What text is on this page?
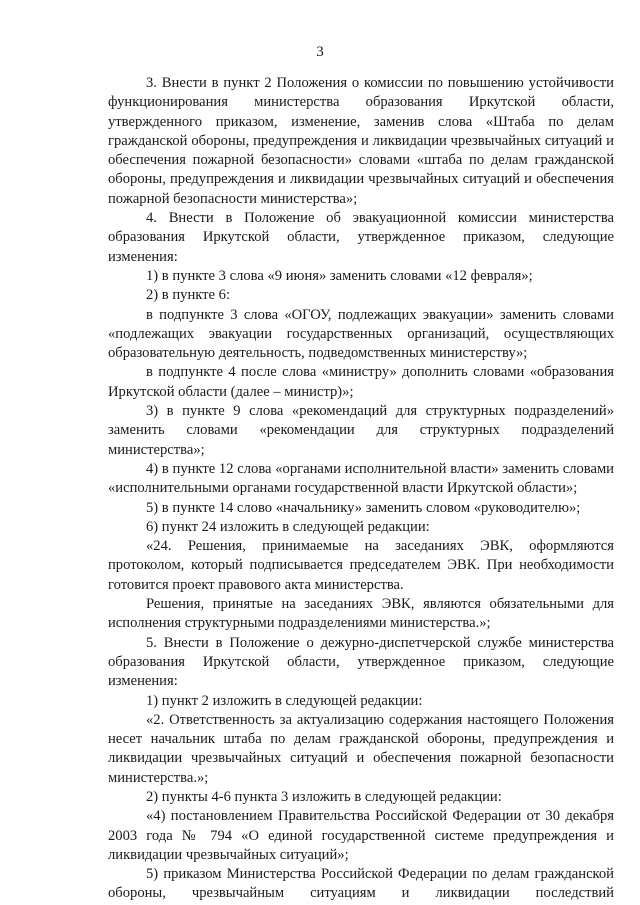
3

3. Внести в пункт 2 Положения о комиссии по повышению устойчивости функционирования министерства образования Иркутской области, утвержденного приказом, изменение, заменив слова «Штаба по делам гражданской обороны, предупреждения и ликвидации чрезвычайных ситуаций и обеспечения пожарной безопасности» словами «штаба по делам гражданской обороны, предупреждения и ликвидации чрезвычайных ситуаций и обеспечения пожарной безопасности министерства»;

4. Внести в Положение об эвакуационной комиссии министерства образования Иркутской области, утвержденное приказом, следующие изменения:

1) в пункте 3 слова «9 июня» заменить словами «12 февраля»;

2) в пункте 6:

в подпункте 3 слова «ОГОУ, подлежащих эвакуации» заменить словами «подлежащих эвакуации государственных организаций, осуществляющих образовательную деятельность, подведомственных министерству»;

в подпункте 4 после слова «министру» дополнить словами «образования Иркутской области (далее – министр)»;

3) в пункте 9 слова «рекомендаций для структурных подразделений» заменить словами «рекомендации для структурных подразделений министерства»;

4) в пункте 12 слова «органами исполнительной власти» заменить словами «исполнительными органами государственной власти Иркутской области»;

5) в пункте 14 слово «начальнику» заменить словом «руководителю»;

6) пункт 24 изложить в следующей редакции:

«24. Решения, принимаемые на заседаниях ЭВК, оформляются протоколом, который подписывается председателем ЭВК. При необходимости готовится проект правового акта министерства.

Решения, принятые на заседаниях ЭВК, являются обязательными для исполнения структурными подразделениями министерства.»;

5. Внести в Положение о дежурно-диспетчерской службе министерства образования Иркутской области, утвержденное приказом, следующие изменения:

1) пункт 2 изложить в следующей редакции:

«2. Ответственность за актуализацию содержания настоящего Положения несет начальник штаба по делам гражданской обороны, предупреждения и ликвидации чрезвычайных ситуаций и обеспечения пожарной безопасности министерства.»;

2) пункты 4-6 пункта 3 изложить в следующей редакции:

«4) постановлением Правительства Российской Федерации от 30 декабря 2003 года № 794 «О единой государственной системе предупреждения и ликвидации чрезвычайных ситуаций»;

5) приказом Министерства Российской Федерации по делам гражданской обороны, чрезвычайным ситуациям и ликвидации последствий
